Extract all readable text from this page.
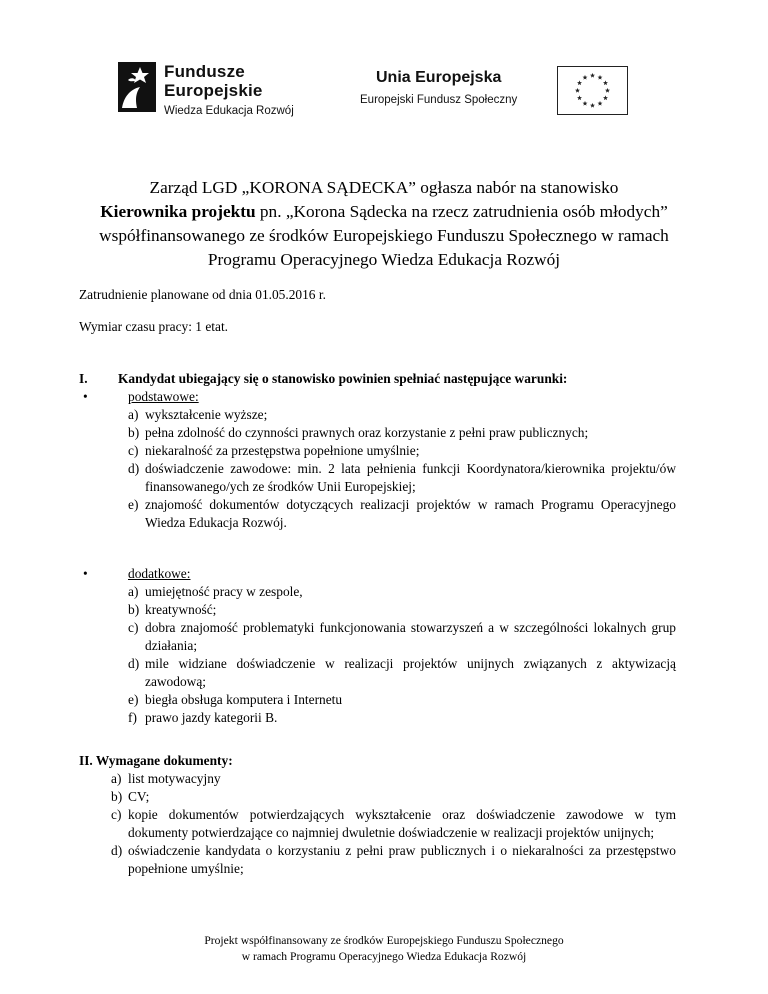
Fundusze
Europejskie
Wiedza Edukacja Rozwój
Unia Europejska
Europejski Fundusz Społeczny
Zarząd LGD „KORONA SĄDECKA” ogłasza nabór na stanowisko
Kierownika projektu pn. „Korona Sądecka na rzecz zatrudnienia osób młodych” współfinansowanego ze środków Europejskiego Funduszu Społecznego w ramach Programu Operacyjnego Wiedza Edukacja Rozwój
Zatrudnienie planowane od dnia 01.05.2016 r.
Wymiar czasu pracy: 1 etat.
I. Kandydat ubiegający się o stanowisko powinien spełniać następujące warunki:
•	podstawowe:
a) wykształcenie wyższe;
b) pełna zdolność do czynności prawnych oraz korzystanie z pełni praw publicznych;
c) niekaralność za przestępstwa popełnione umyślnie;
d) doświadczenie zawodowe: min. 2 lata pełnienia funkcji Koordynatora/kierownika projektu/ów finansowanego/ych ze środków Unii Europejskiej;
e) znajomość dokumentów dotyczących realizacji projektów w ramach Programu Operacyjnego Wiedza Edukacja Rozwój.
•	dodatkowe:
a) umiejętność pracy w zespole,
b) kreatywność;
c) dobra znajomość problematyki funkcjonowania stowarzyszeń a w szczególności lokalnych grup działania;
d) mile widziane doświadczenie w realizacji projektów unijnych związanych z aktywizacją zawodową;
e) biegła obsługa komputera i Internetu
f) prawo jazdy kategorii B.
II. Wymagane dokumenty:
a) list motywacyjny
b) CV;
c) kopie dokumentów potwierdzających wykształcenie oraz doświadczenie zawodowe w tym dokumenty potwierdzające co najmniej dwuletnie doświadczenie w realizacji projektów unijnych;
d) oświadczenie kandydata o korzystaniu z pełni praw publicznych i o niekaralności za przestępstwo popełnione umyślnie;
Projekt współfinansowany ze środków Europejskiego Funduszu Społecznego
w ramach Programu Operacyjnego Wiedza Edukacja Rozwój
